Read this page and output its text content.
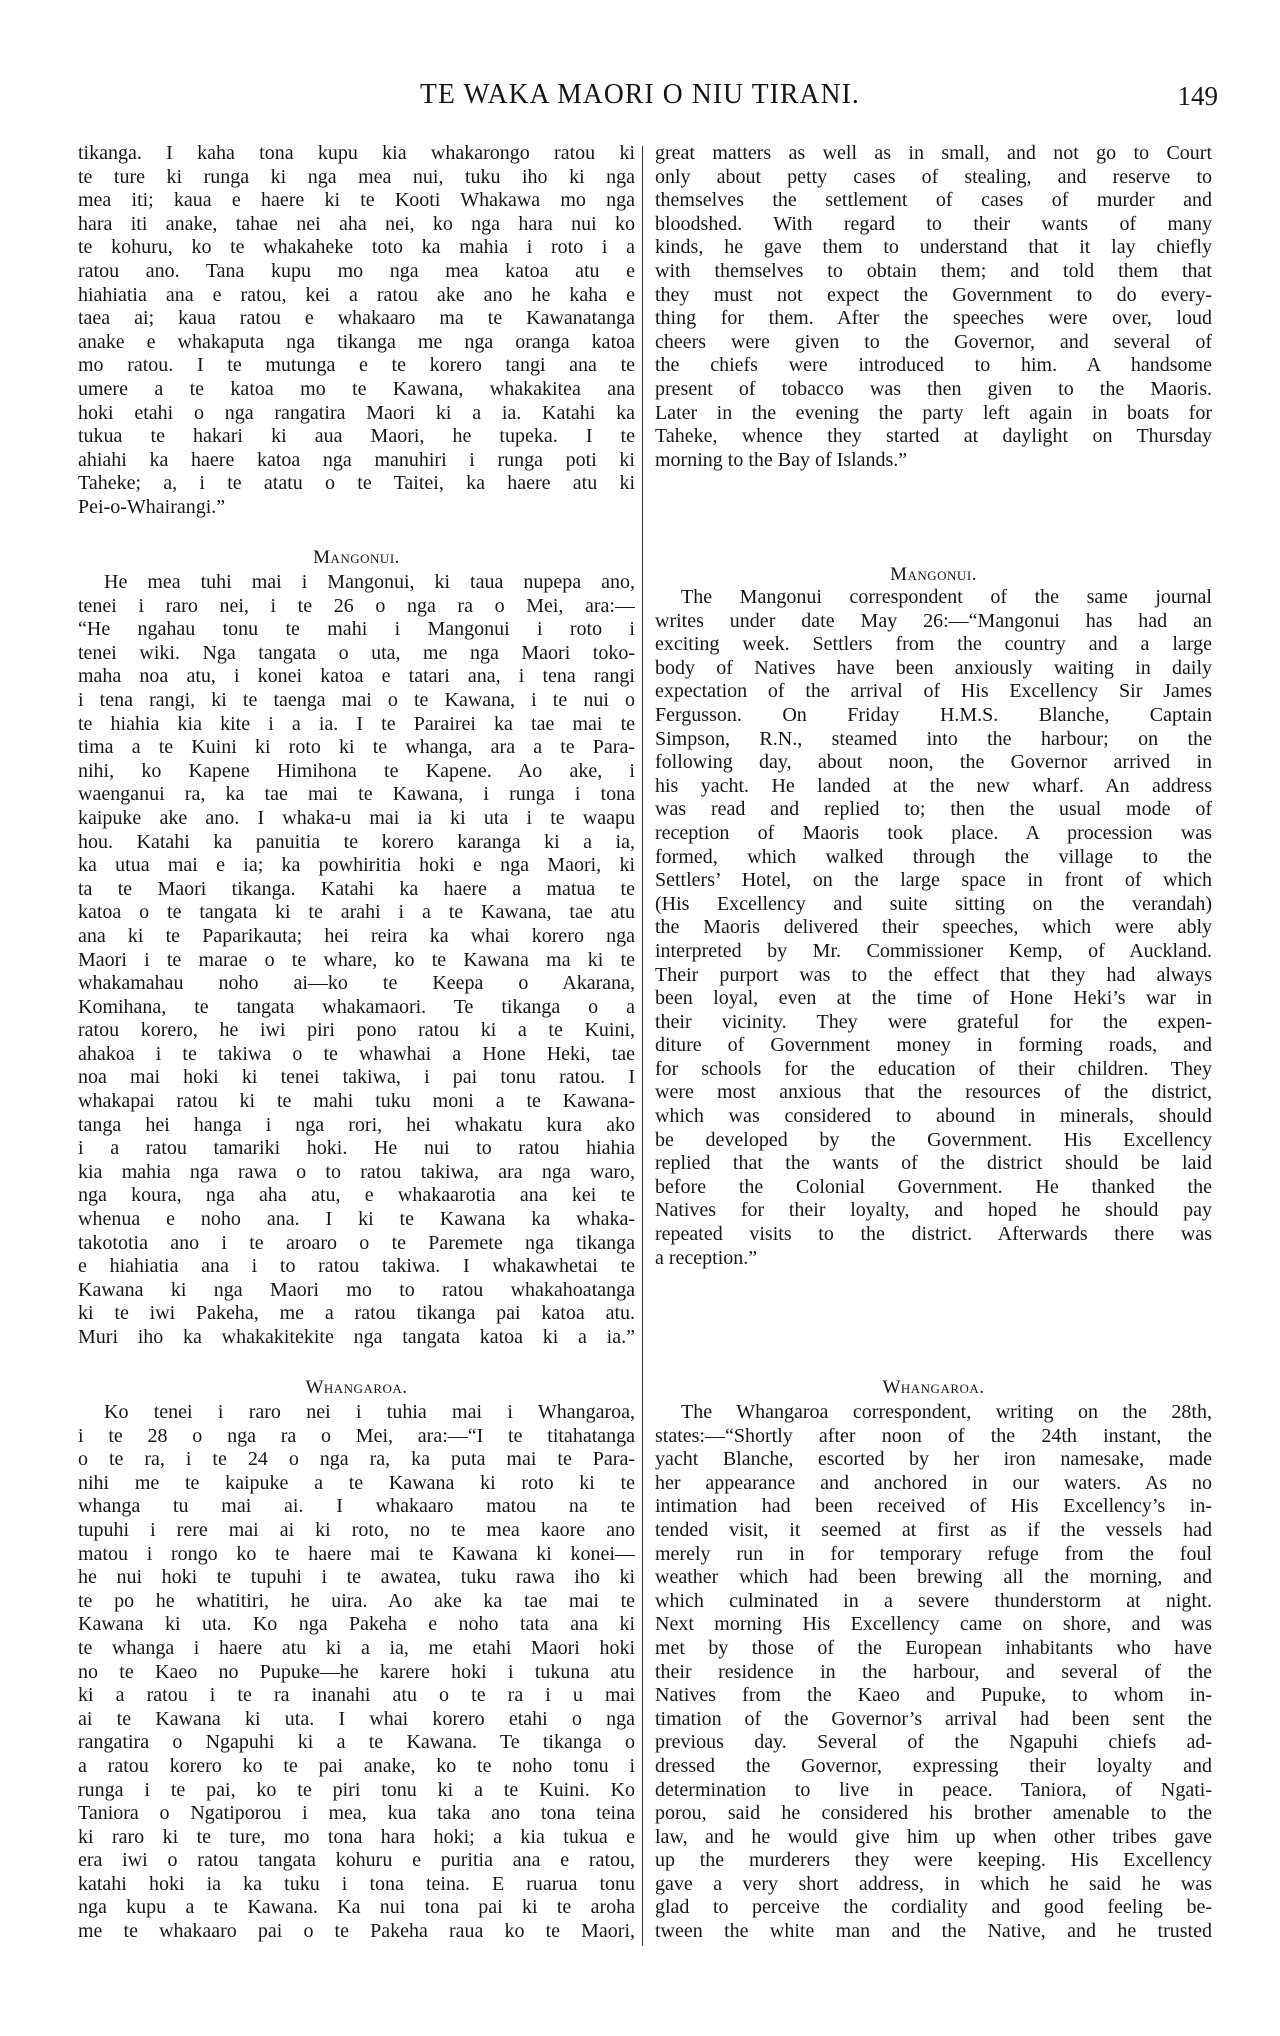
TE WAKA MAORI O NIU TIRANI.	149
tikanga. I kaha tona kupu kia whakarongo ratou ki
te ture ki runga ki nga mea nui, tuku iho ki nga
mea iti; kaua e haere ki te Kooti Whakawa mo nga
hara iti anake, tahae nei aha nei, ko nga hara nui ko
te kohuru, ko te whakaheke toto ka mahia i roto i a
ratou ano. Tana kupu mo nga mea katoa atu e
hiahiatia ana e ratou, kei a ratou ake ano he kaha e
taea ai; kaua ratou e whakaaro ma te Kawanatanga
anake e whakaputa nga tikanga me nga oranga katoa
mo ratou. I te mutunga e te korero tangi ana te
umere a te katoa mo te Kawana, whakakitea ana
hoki etahi o nga rangatira Maori ki a ia. Katahi ka
tukua te hakari ki aua Maori, he tupeka. I te
ahiahi ka haere katoa nga manuhiri i runga poti ki
Taheke; a, i te atatu o te Taitei, ka haere atu ki
Pei-o-Whairangi.”
Mangonui.
He mea tuhi mai i Mangonui, ki taua nupepa ano,
tenei i raro nei, i te 26 o nga ra o Mei, ara:—
“He ngahau tonu te mahi i Mangonui i roto i
tenei wiki. Nga tangata o uta, me nga Maori toko-
maha noa atu, i konei katoa e tatari ana, i tena rangi
i tena rangi, ki te taenga mai o te Kawana, i te nui o
te hiahia kia kite i a ia. I te Parairei ka tae mai te
tima a te Kuini ki roto ki te whanga, ara a te Para-
nihi, ko Kapene Himihona te Kapene. Ao ake, i
waenganui ra, ka tae mai te Kawana, i runga i tona
kaipuke ake ano. I whaka-u mai ia ki uta i te waapu
hou. Katahi ka panuitia te korero karanga ki a ia,
ka utua mai e ia; ka powhiritia hoki e nga Maori, ki
ta te Maori tikanga. Katahi ka haere a matua te
katoa o te tangata ki te arahi i a te Kawana, tae atu
ana ki te Paparikauta; hei reira ka whai korero nga
Maori i te marae o te whare, ko te Kawana ma ki te
whakamahau noho ai—ko te Keepa o Akarana,
Komihana, te tangata whakamaori. Te tikanga o a
ratou korero, he iwi piri pono ratou ki a te Kuini,
ahakoa i te takiwa o te whawhai a Hone Heki, tae
noa mai hoki ki tenei takiwa, i pai tonu ratou. I
whakapai ratou ki te mahi tuku moni a te Kawana-
tanga hei hanga i nga rori, hei whakatu kura ako
i a ratou tamariki hoki. He nui to ratou hiahia
kia mahia nga rawa o to ratou takiwa, ara nga waro,
nga koura, nga aha atu, e whakaarotia ana kei te
whenua e noho ana. I ki te Kawana ka whaka-
takototia ano i te aroaro o te Paremete nga tikanga
e hiahiatia ana i to ratou takiwa. I whakawhetai te
Kawana ki nga Maori mo to ratou whakahoatanga
ki te iwi Pakeha, me a ratou tikanga pai katoa atu.
Muri iho ka whakakitekite nga tangata katoa ki a ia.”
Whangaroa.
Ko tenei i raro nei i tuhia mai i Whangaroa,
i te 28 o nga ra o Mei, ara:—“I te titahatanga
o te ra, i te 24 o nga ra, ka puta mai te Para-
nihi me te kaipuke a te Kawana ki roto ki te
whanga tu mai ai. I whakaaro matou na te
tupuhi i rere mai ai ki roto, no te mea kaore ano
matou i rongo ko te haere mai te Kawana ki konei—
he nui hoki te tupuhi i te awatea, tuku rawa iho ki
te po he whatitiri, he uira. Ao ake ka tae mai te
Kawana ki uta. Ko nga Pakeha e noho tata ana ki
te whanga i haere atu ki a ia, me etahi Maori hoki
no te Kaeo no Pupuke—he karere hoki i tukuna atu
ki a ratou i te ra inanahi atu o te ra i u mai
ai te Kawana ki uta. I whai korero etahi o nga
rangatira o Ngapuhi ki a te Kawana. Te tikanga o
a ratou korero ko te pai anake, ko te noho tonu i
runga i te pai, ko te piri tonu ki a te Kuini. Ko
Taniora o Ngatiporou i mea, kua taka ano tona teina
ki raro ki te ture, mo tona hara hoki; a kia tukua e
era iwi o ratou tangata kohuru e puritia ana e ratou,
katahi hoki ia ka tuku i tona teina. E ruarua tonu
nga kupu a te Kawana. Ka nui tona pai ki te aroha
me te whakaaro pai o te Pakeha raua ko te Maori,
great matters as well as in small, and not go to Court
only about petty cases of stealing, and reserve to
themselves the settlement of cases of murder and
bloodshed. With regard to their wants of many
kinds, he gave them to understand that it lay chiefly
with themselves to obtain them; and told them that
they must not expect the Government to do every-
thing for them. After the speeches were over, loud
cheers were given to the Governor, and several of
the chiefs were introduced to him. A handsome
present of tobacco was then given to the Maoris.
Later in the evening the party left again in boats for
Taheke, whence they started at daylight on Thursday
morning to the Bay of Islands.”
Mangonui.
The Mangonui correspondent of the same journal
writes under date May 26:—“Mangonui has had an
exciting week. Settlers from the country and a large
body of Natives have been anxiously waiting in daily
expectation of the arrival of His Excellency Sir James
Fergusson. On Friday H.M.S. Blanche, Captain
Simpson, R.N., steamed into the harbour; on the
following day, about noon, the Governor arrived in
his yacht. He landed at the new wharf. An address
was read and replied to; then the usual mode of
reception of Maoris took place. A procession was
formed, which walked through the village to the
Settlers’ Hotel, on the large space in front of which
(His Excellency and suite sitting on the verandah)
the Maoris delivered their speeches, which were ably
interpreted by Mr. Commissioner Kemp, of Auckland.
Their purport was to the effect that they had always
been loyal, even at the time of Hone Heki’s war in
their vicinity. They were grateful for the expen-
diture of Government money in forming roads, and
for schools for the education of their children. They
were most anxious that the resources of the district,
which was considered to abound in minerals, should
be developed by the Government. His Excellency
replied that the wants of the district should be laid
before the Colonial Government. He thanked the
Natives for their loyalty, and hoped he should pay
repeated visits to the district. Afterwards there was
a reception.”
Whangaroa.
The Whangaroa correspondent, writing on the 28th,
states:—“Shortly after noon of the 24th instant, the
yacht Blanche, escorted by her iron namesake, made
her appearance and anchored in our waters. As no
intimation had been received of His Excellency’s in-
tended visit, it seemed at first as if the vessels had
merely run in for temporary refuge from the foul
weather which had been brewing all the morning, and
which culminated in a severe thunderstorm at night.
Next morning His Excellency came on shore, and was
met by those of the European inhabitants who have
their residence in the harbour, and several of the
Natives from the Kaeo and Pupuke, to whom in-
timation of the Governor’s arrival had been sent the
previous day. Several of the Ngapuhi chiefs ad-
dressed the Governor, expressing their loyalty and
determination to live in peace. Taniora, of Ngati-
porou, said he considered his brother amenable to the
law, and he would give him up when other tribes gave
up the murderers they were keeping. His Excellency
gave a very short address, in which he said he was
glad to perceive the cordiality and good feeling be-
tween the white man and the Native, and he trusted
